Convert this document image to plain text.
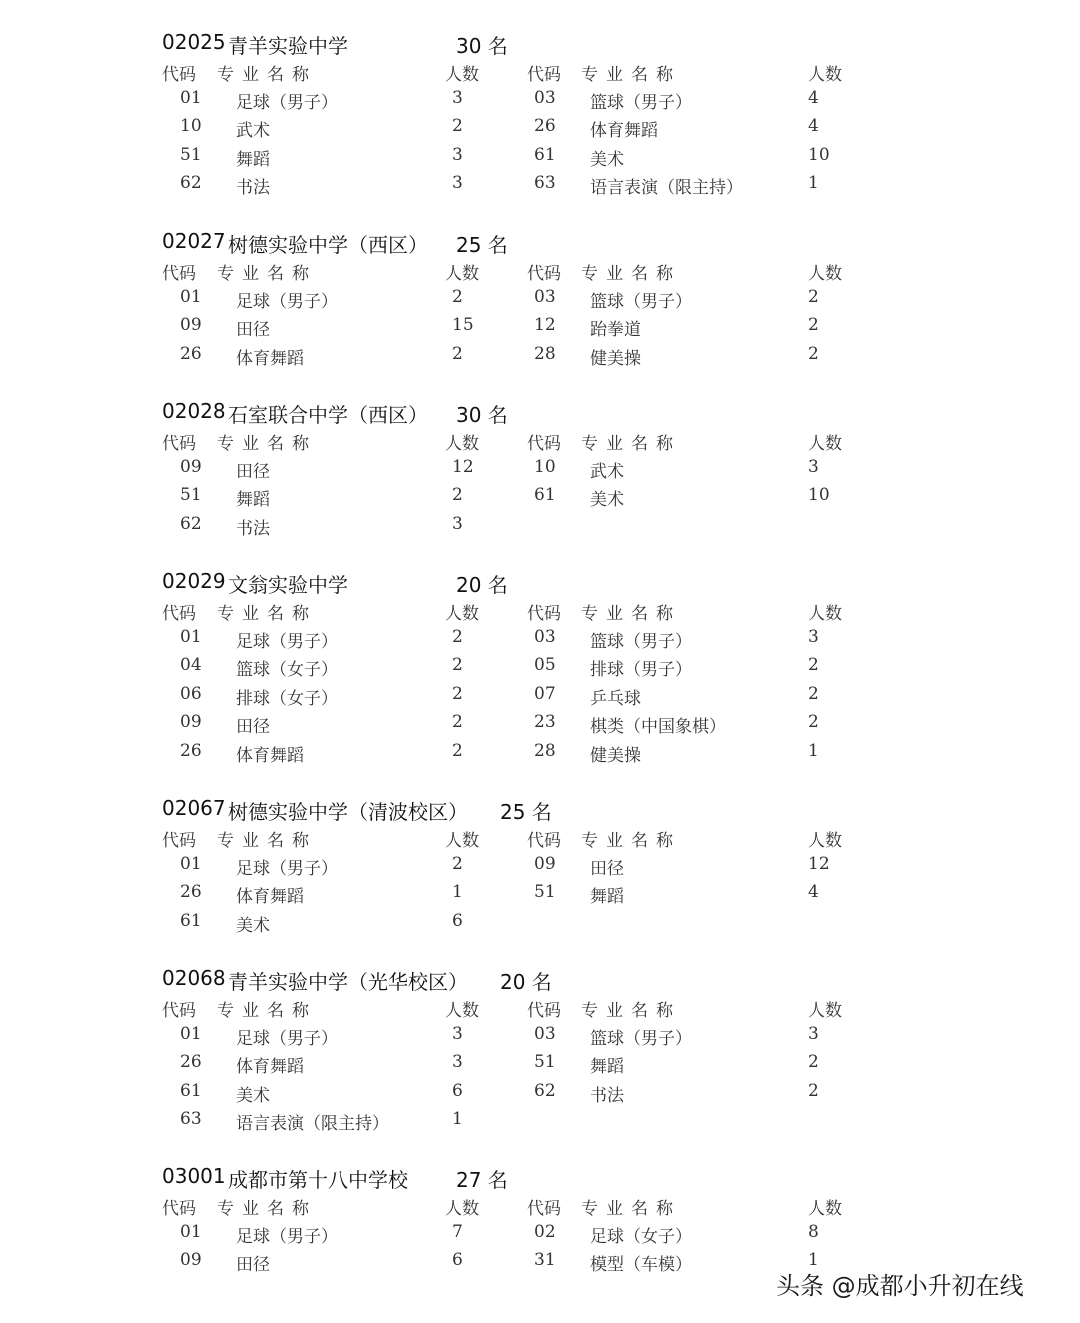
02025 青羊实验中学	30 名
代码 专业名称	人数	代码 专业名称	人数
01 足球（男子）	3	03 篮球（男子）	4
10 武术	2	26 体育舞蹈	4
51 舞蹈	3	61 美术	10
62 书法	3	63 语言表演（限主持）	1
02027 树德实验中学（西区） 25 名
代码 专业名称	人数	代码 专业名称	人数
01 足球（男子）	2	03 篮球（男子）	2
09 田径	15	12 跆拳道	2
26 体育舞蹈	2	28 健美操	2
02028 石室联合中学（西区） 30 名
代码 专业名称	人数	代码 专业名称	人数
09 田径	12	10 武术	3
51 舞蹈	2	61 美术	10
62 书法	3
02029 文翁实验中学	20 名
代码 专业名称	人数	代码 专业名称	人数
01 足球（男子）	2	03 篮球（男子）	3
04 篮球（女子）	2	05 排球（男子）	2
06 排球（女子）	2	07 乒乓球	2
09 田径	2	23 棋类（中国象棋）	2
26 体育舞蹈	2	28 健美操	1
02067 树德实验中学（清波校区） 25 名
代码 专业名称	人数	代码 专业名称	人数
01 足球（男子）	2	09 田径	12
26 体育舞蹈	1	51 舞蹈	4
61 美术	6
02068 青羊实验中学（光华校区） 20 名
代码 专业名称	人数	代码 专业名称	人数
01 足球（男子）	3	03 篮球（男子）	3
26 体育舞蹈	3	51 舞蹈	2
61 美术	6	62 书法	2
63 语言表演（限主持）	1
03001 成都市第十八中学校 27 名
代码 专业名称	人数	代码 专业名称	人数
01 足球（男子）	7	02 足球（女子）	8
09 田径	6	31 模型（车模）	1
头条 @成都小升初在线
